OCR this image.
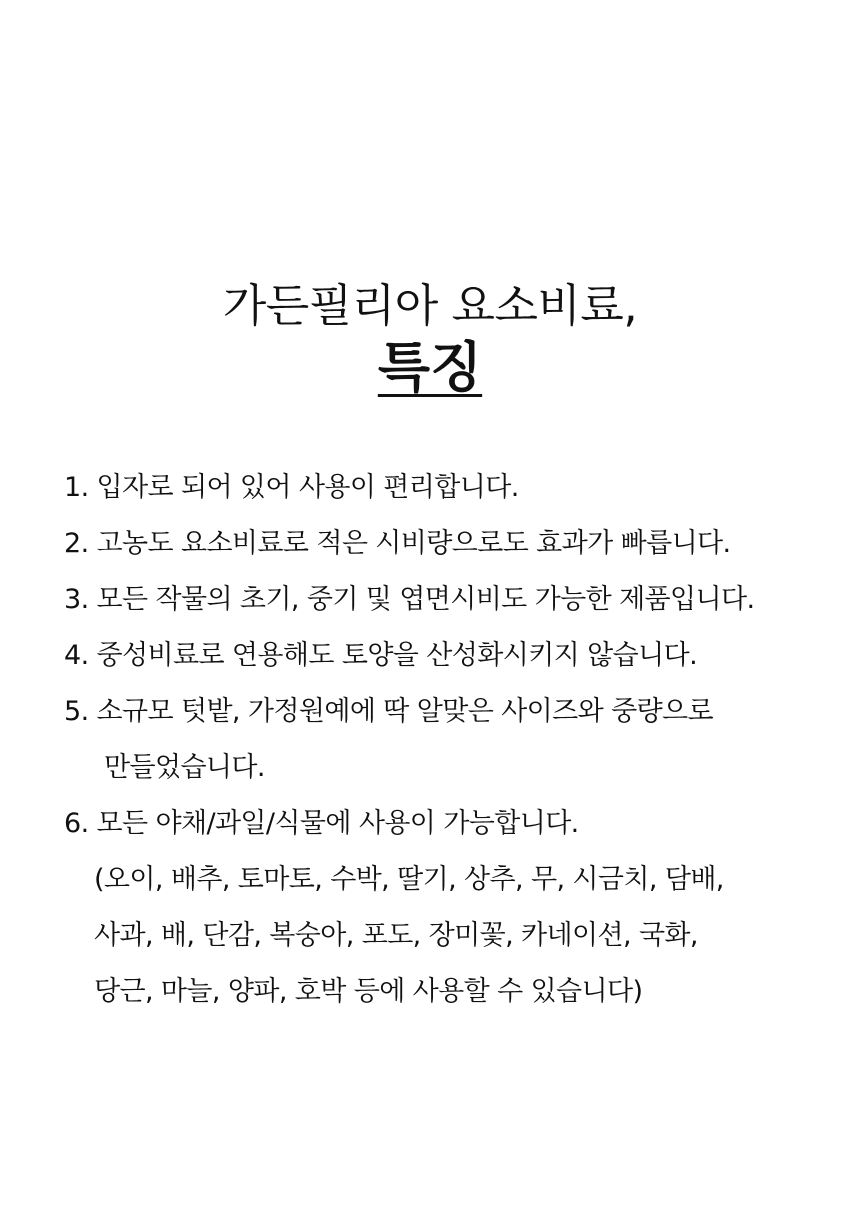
가든필리아 요소비료,
특징
1. 입자로 되어 있어 사용이 편리합니다.
2. 고농도 요소비료로 적은 시비량으로도 효과가 빠릅니다.
3. 모든 작물의 초기, 중기 및 엽면시비도 가능한 제품입니다.
4. 중성비료로 연용해도 토양을 산성화시키지 않습니다.
5. 소규모 텃밭, 가정원예에 딱 알맞은 사이즈와 중량으로
만들었습니다.
6. 모든 야채/과일/식물에 사용이 가능합니다.
(오이, 배추, 토마토, 수박, 딸기, 상추, 무, 시금치, 담배,
사과, 배, 단감, 복숭아, 포도, 장미꽃, 카네이션, 국화,
당근, 마늘, 양파, 호박 등에 사용할 수 있습니다)
